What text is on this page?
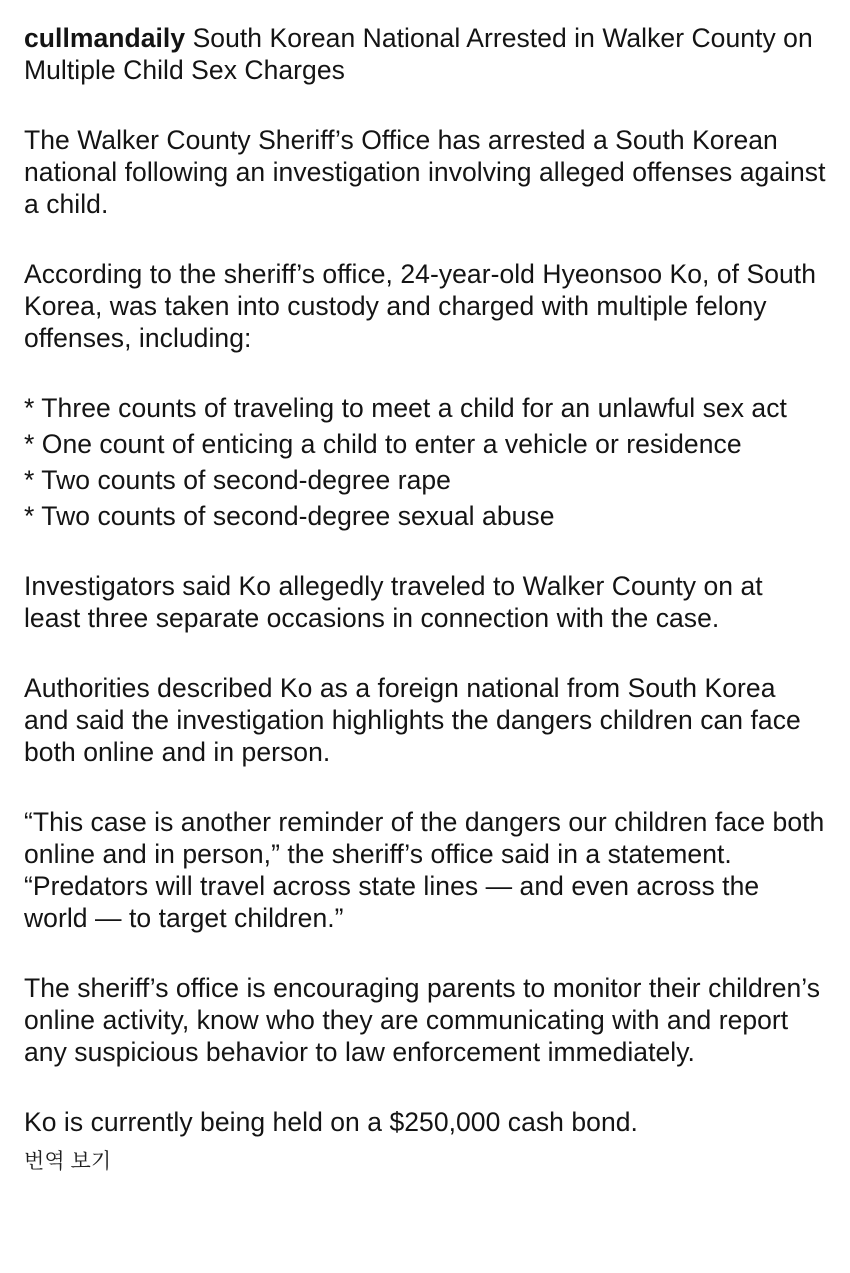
cullmandaily South Korean National Arrested in Walker County on Multiple Child Sex Charges

The Walker County Sheriff’s Office has arrested a South Korean national following an investigation involving alleged offenses against a child.

According to the sheriff’s office, 24-year-old Hyeonsoo Ko, of South Korea, was taken into custody and charged with multiple felony offenses, including:

* Three counts of traveling to meet a child for an unlawful sex act
* One count of enticing a child to enter a vehicle or residence
* Two counts of second-degree rape
* Two counts of second-degree sexual abuse

Investigators said Ko allegedly traveled to Walker County on at least three separate occasions in connection with the case.

Authorities described Ko as a foreign national from South Korea and said the investigation highlights the dangers children can face both online and in person.

“This case is another reminder of the dangers our children face both online and in person,” the sheriff’s office said in a statement. “Predators will travel across state lines — and even across the world — to target children.”

The sheriff’s office is encouraging parents to monitor their children’s online activity, know who they are communicating with and report any suspicious behavior to law enforcement immediately.

Ko is currently being held on a $250,000 cash bond.

번역 보기
